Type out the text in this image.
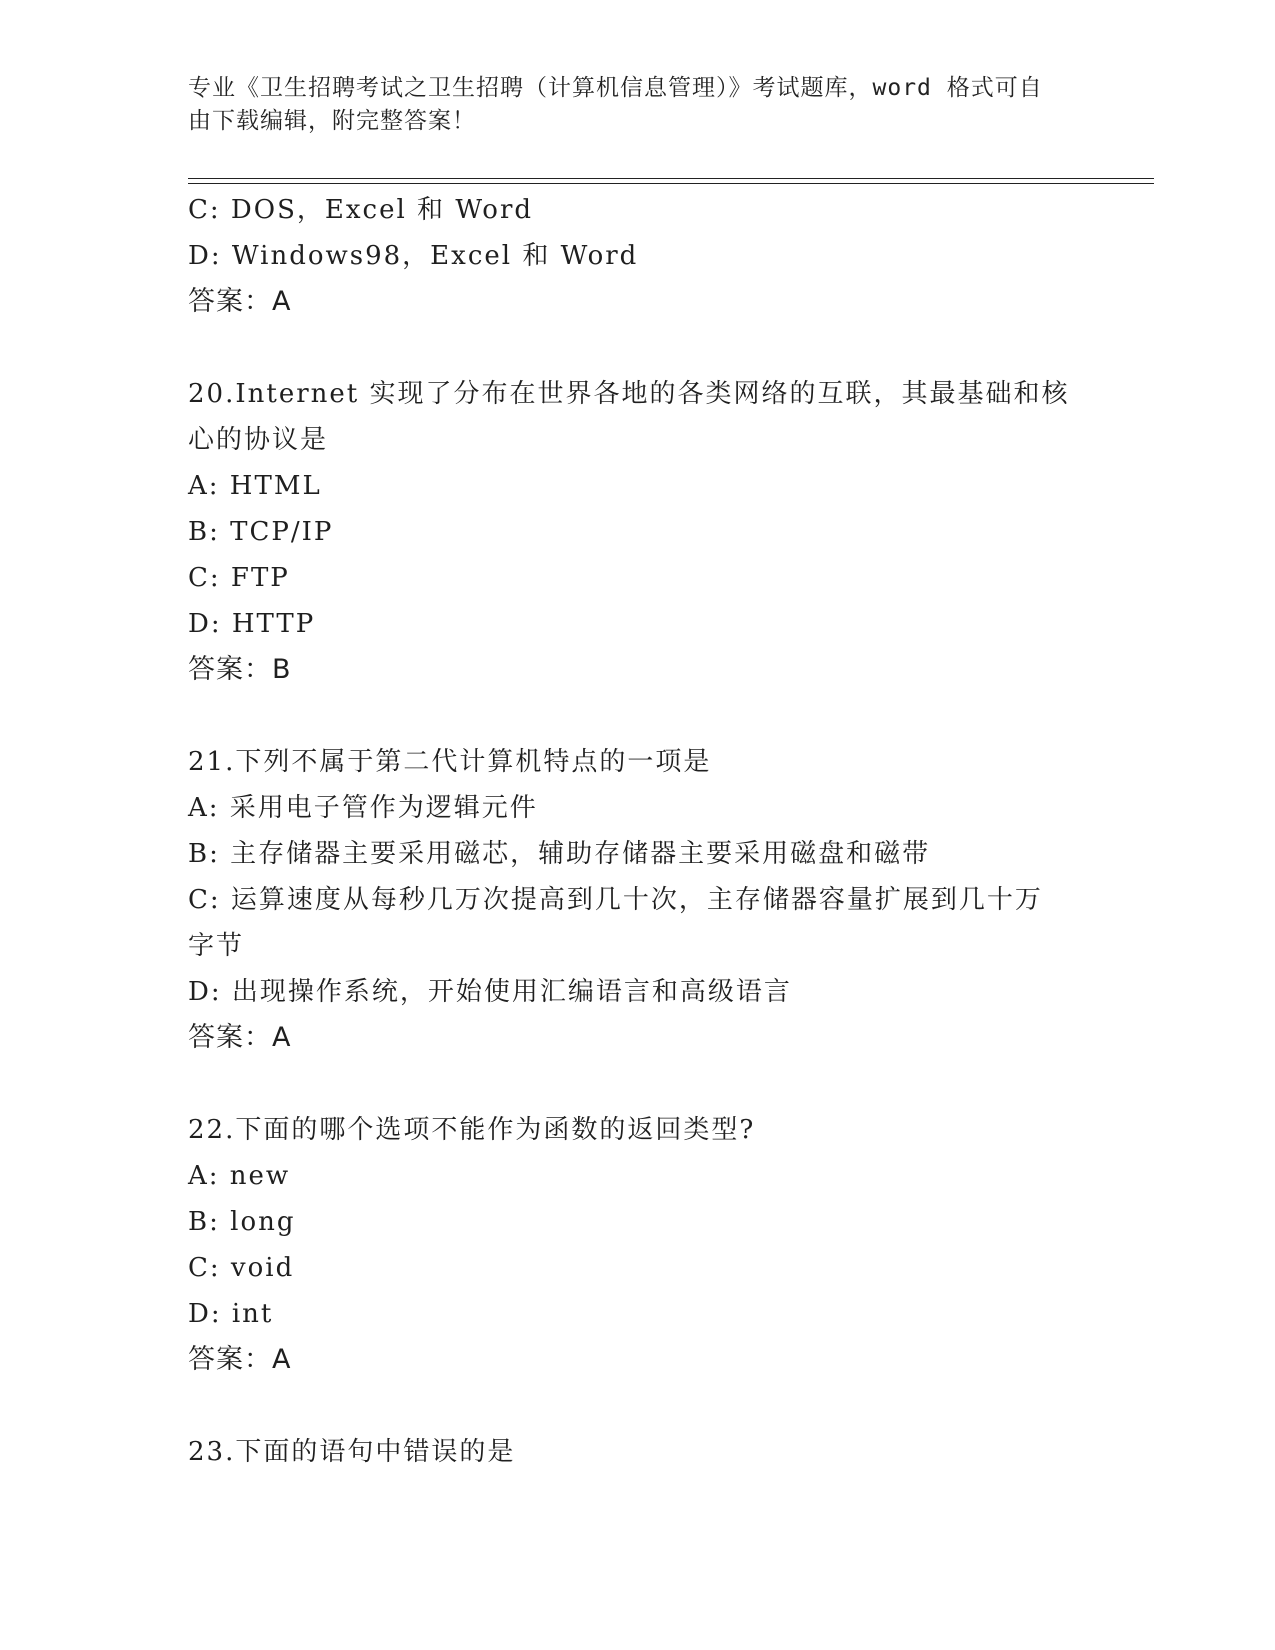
专业《卫生招聘考试之卫生招聘（计算机信息管理）》考试题库，word 格式可自
由下载编辑，附完整答案！
C: DOS，Excel 和 Word
D: Windows98，Excel 和 Word
答案：A
20.Internet 实现了分布在世界各地的各类网络的互联，其最基础和核
心的协议是
A: HTML
B: TCP/IP
C: FTP
D: HTTP
答案：B
21.下列不属于第二代计算机特点的一项是
A: 采用电子管作为逻辑元件
B: 主存储器主要采用磁芯，辅助存储器主要采用磁盘和磁带
C: 运算速度从每秒几万次提高到几十次，主存储器容量扩展到几十万
字节
D: 出现操作系统，开始使用汇编语言和高级语言
答案：A
22.下面的哪个选项不能作为函数的返回类型?
A: new
B: long
C: void
D: int
答案：A
23.下面的语句中错误的是
